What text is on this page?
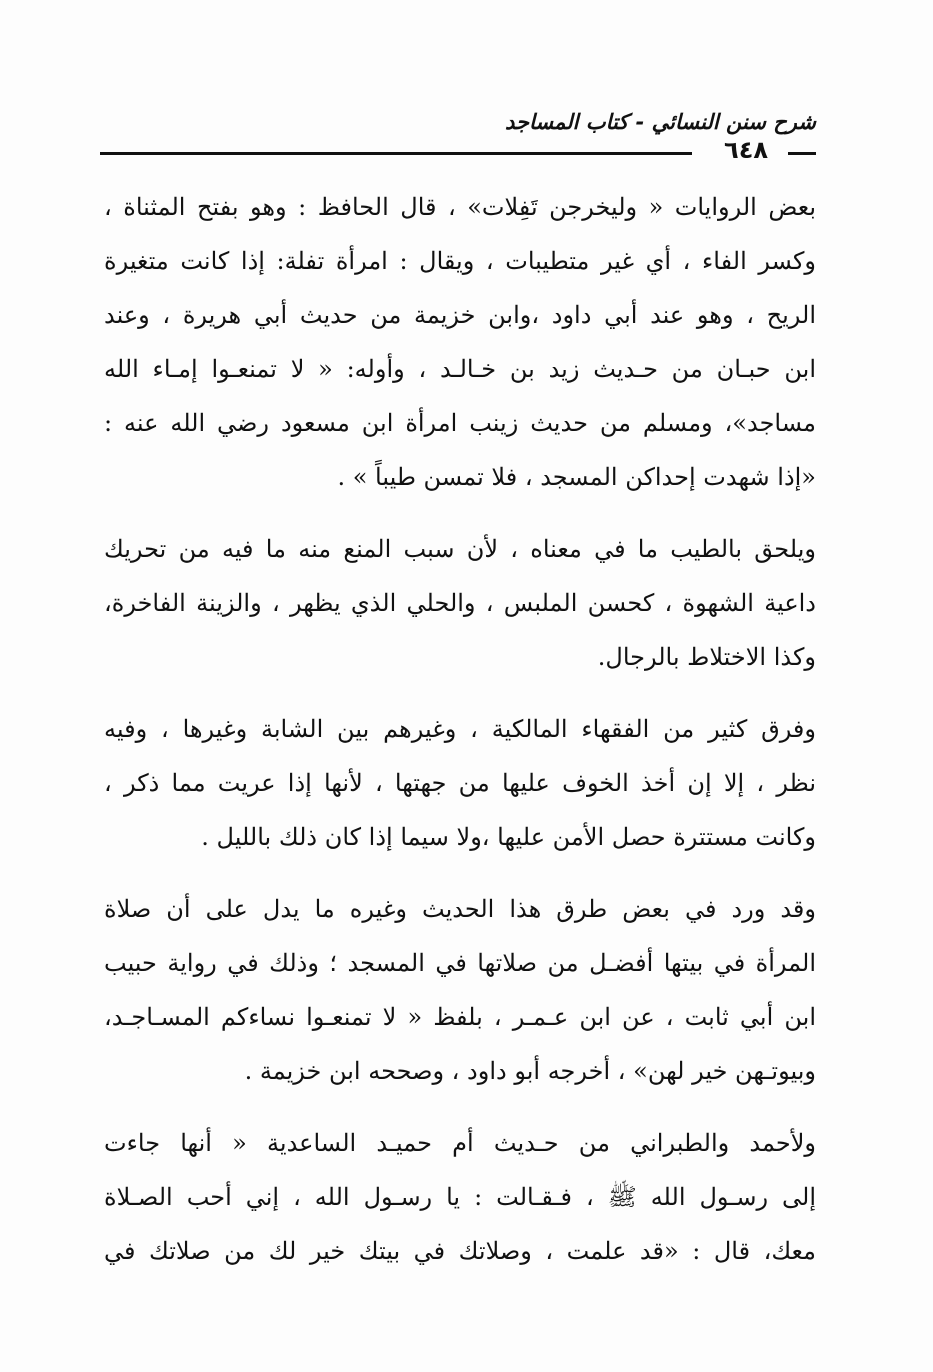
شرح سنن النسائي - كتاب المساجد
٦٤٨
بعض الروايات « وليخرجن تَفِلات» ، قال الحافظ : وهو بفتح المثناة ،
وكسر الفاء ، أي غير متطيبات ، ويقال : امرأة تفلة: إذا كانت متغيرة
الريح ، وهو عند أبي داود ،وابن خزيمة من حديث أبي هريرة ، وعند
ابن حبـان من حـديث زيد بن خـالـد ، وأوله: « لا تمنعـوا إمـاء الله
مساجد»، ومسلم من حديث زينب امرأة ابن مسعود رضي الله عنه :
«إذا شهدت إحداكن المسجد ، فلا تمسن طيباً » .
ويلحق بالطيب ما في معناه ، لأن سبب المنع منه ما فيه من تحريك
داعية الشهوة ، كحسن الملبس ، والحلي الذي يظهر ، والزينة الفاخرة،
وكذا الاختلاط بالرجال.
وفرق كثير من الفقهاء المالكية ، وغيرهم بين الشابة وغيرها ، وفيه
نظر ، إلا إن أخذ الخوف عليها من جهتها ، لأنها إذا عريت مما ذكر ،
وكانت مستترة حصل الأمن عليها ،ولا سيما إذا كان ذلك بالليل .
وقد ورد في بعض طرق هذا الحديث وغيره ما يدل على أن صلاة
المرأة في بيتها أفضـل من صلاتها في المسجد ؛ وذلك في رواية حبيب
ابن أبي ثابت ، عن ابن عـمـر ، بلفظ « لا تمنعـوا نساءكم المسـاجـد،
وبيوتـهن خير لهن» ، أخرجه أبو داود ، وصححه ابن خزيمة .
ولأحمد والطبراني من حـديث أم حميـد الساعدية « أنها جاءت
إلى رسـول الله ﷺ ، فـقـالت : يا رسـول الله ، إني أحب الصـلاة
معك، قال : «قد علمت ، وصلاتك في بيتك خير لك من صلاتك في
